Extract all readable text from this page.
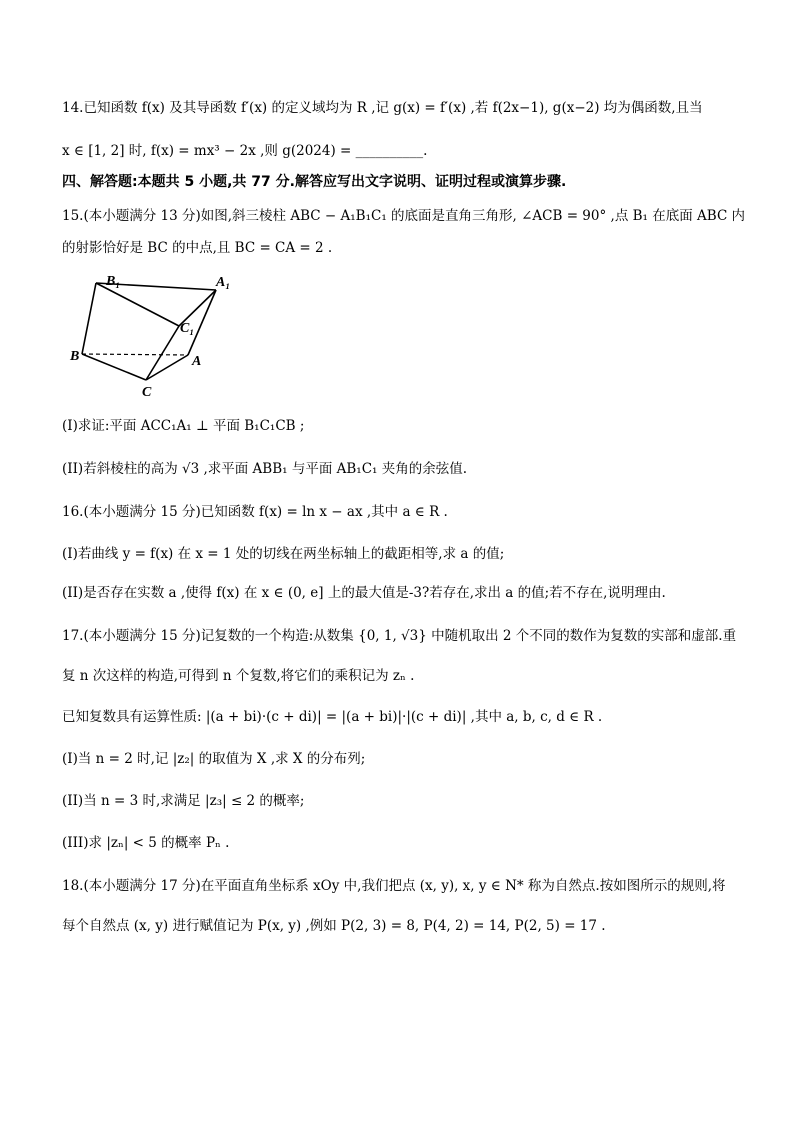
14.已知函数 f(x) 及其导函数 f′(x) 的定义域均为 R ,记 g(x) = f′(x) ,若 f(2x−1), g(x−2) 均为偶函数,且当
x ∈ [1, 2] 时, f(x) = mx³ − 2x ,则 g(2024) = __________.
四、解答题:本题共 5 小题,共 77 分.解答应写出文字说明、证明过程或演算步骤.
15.(本小题满分 13 分)如图,斜三棱柱 ABC − A₁B₁C₁ 的底面是直角三角形, ∠ACB = 90° ,点 B₁ 在底面 ABC 内
的射影恰好是 BC 的中点,且 BC = CA = 2 .
B₁	A₁
C₁
B	A
C
(I)求证:平面 ACC₁A₁ ⊥ 平面 B₁C₁CB ;
(II)若斜棱柱的高为 √3 ,求平面 ABB₁ 与平面 AB₁C₁ 夹角的余弦值.
16.(本小题满分 15 分)已知函数 f(x) = ln x − ax ,其中 a ∈ R .
(I)若曲线 y = f(x) 在 x = 1 处的切线在两坐标轴上的截距相等,求 a 的值;
(II)是否存在实数 a ,使得 f(x) 在 x ∈ (0, e] 上的最大值是-3?若存在,求出 a 的值;若不存在,说明理由.
17.(本小题满分 15 分)记复数的一个构造:从数集 {0, 1, √3} 中随机取出 2 个不同的数作为复数的实部和虚部.重
复 n 次这样的构造,可得到 n 个复数,将它们的乘积记为 zₙ .
已知复数具有运算性质: |(a + bi)·(c + di)| = |(a + bi)|·|(c + di)| ,其中 a, b, c, d ∈ R .
(I)当 n = 2 时,记 |z₂| 的取值为 X ,求 X 的分布列;
(II)当 n = 3 时,求满足 |z₃| ≤ 2 的概率;
(III)求 |zₙ| < 5 的概率 Pₙ .
18.(本小题满分 17 分)在平面直角坐标系 xOy 中,我们把点 (x, y), x, y ∈ N* 称为自然点.按如图所示的规则,将
每个自然点 (x, y) 进行赋值记为 P(x, y) ,例如 P(2, 3) = 8, P(4, 2) = 14, P(2, 5) = 17 .
